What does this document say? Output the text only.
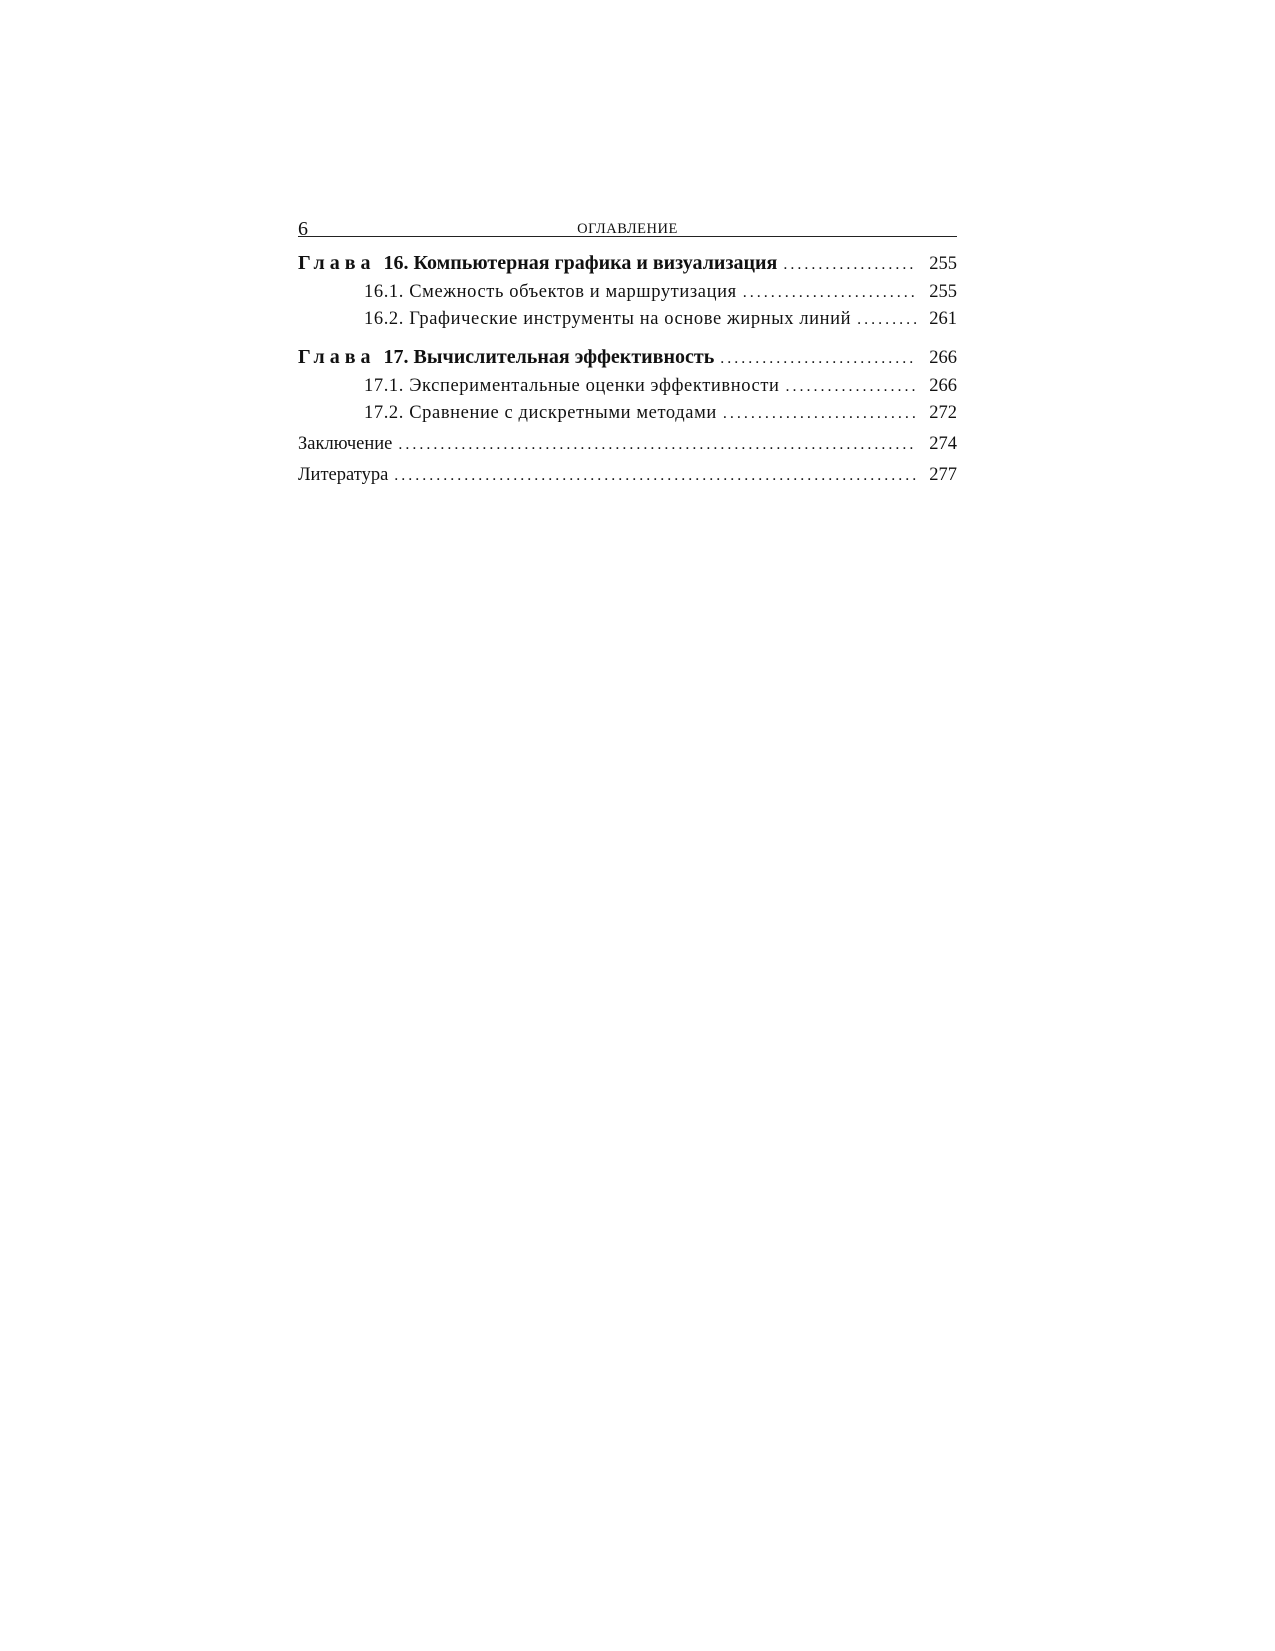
6	ОГЛАВЛЕНИЕ
Глава 16. Компьютерная графика и визуализация . . .	255
16.1. Смежность объектов и маршрутизация . . .	255
16.2. Графические инструменты на основе жирных линий . . .	261
Глава 17. Вычислительная эффективность . . .	266
17.1. Экспериментальные оценки эффективности . . .	266
17.2. Сравнение с дискретными методами . . .	272
Заключение . . .	274
Литература . . .	277
